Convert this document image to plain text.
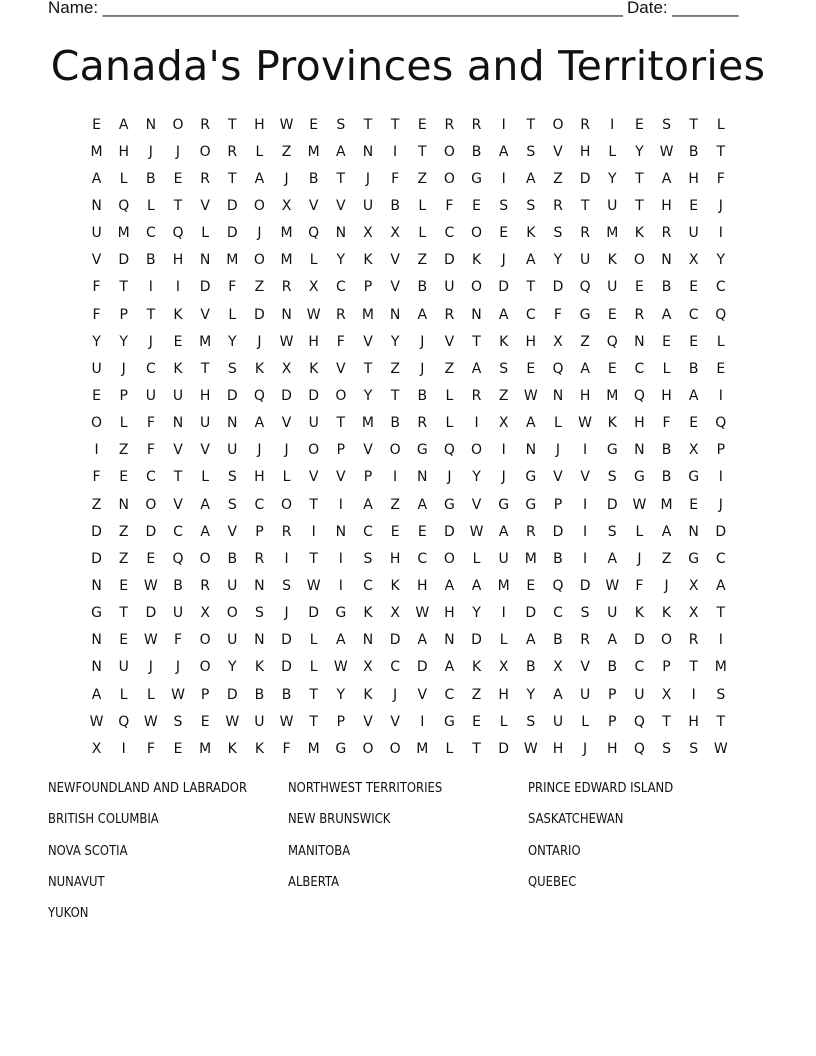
Name: _______________________________________________________ Date: _______
Canada's Provinces and Territories
E	A	N	O	R	T	H	W	E	S	T	T	E	R	R	I	T	O	R	I	E	S	T	L
M	H	J	J	O	R	L	Z	M	A	N	I	T	O	B	A	S	V	H	L	Y	W	B	T
A	L	B	E	R	T	A	J	B	T	J	F	Z	O	G	I	A	Z	D	Y	T	A	H	F
N	Q	L	T	V	D	O	X	V	V	U	B	L	F	E	S	S	R	T	U	T	H	E	J
U	M	C	Q	L	D	J	M	Q	N	X	X	L	C	O	E	K	S	R	M	K	R	U	I
V	D	B	H	N	M	O	M	L	Y	K	V	Z	D	K	J	A	Y	U	K	O	N	X	Y
F	T	I	I	D	F	Z	R	X	C	P	V	B	U	O	D	T	D	Q	U	E	B	E	C
F	P	T	K	V	L	D	N	W	R	M	N	A	R	N	A	C	F	G	E	R	A	C	Q
Y	Y	J	E	M	Y	J	W	H	F	V	Y	J	V	T	K	H	X	Z	Q	N	E	E	L
U	J	C	K	T	S	K	X	K	V	T	Z	J	Z	A	S	E	Q	A	E	C	L	B	E
E	P	U	U	H	D	Q	D	D	O	Y	T	B	L	R	Z	W	N	H	M	Q	H	A	I
O	L	F	N	U	N	A	V	U	T	M	B	R	L	I	X	A	L	W	K	H	F	E	Q
I	Z	F	V	V	U	J	J	O	P	V	O	G	Q	O	I	N	J	I	G	N	B	X	P
F	E	C	T	L	S	H	L	V	V	P	I	N	J	Y	J	G	V	V	S	G	B	G	I
Z	N	O	V	A	S	C	O	T	I	A	Z	A	G	V	G	G	P	I	D	W	M	E	J
D	Z	D	C	A	V	P	R	I	N	C	E	E	D	W	A	R	D	I	S	L	A	N	D
D	Z	E	Q	O	B	R	I	T	I	S	H	C	O	L	U	M	B	I	A	J	Z	G	C
N	E	W	B	R	U	N	S	W	I	C	K	H	A	A	M	E	Q	D	W	F	J	X	A
G	T	D	U	X	O	S	J	D	G	K	X	W	H	Y	I	D	C	S	U	K	K	X	T
N	E	W	F	O	U	N	D	L	A	N	D	A	N	D	L	A	B	R	A	D	O	R	I
N	U	J	J	O	Y	K	D	L	W	X	C	D	A	K	X	B	X	V	B	C	P	T	M
A	L	L	W	P	D	B	B	T	Y	K	J	V	C	Z	H	Y	A	U	P	U	X	I	S
W	Q	W	S	E	W	U	W	T	P	V	V	I	G	E	L	S	U	L	P	Q	T	H	T
X	I	F	E	M	K	K	F	M	G	O	O	M	L	T	D	W	H	J	H	Q	S	S	W
NEWFOUNDLAND AND LABRADOR	NORTHWEST TERRITORIES	PRINCE EDWARD ISLAND
BRITISH COLUMBIA	NEW BRUNSWICK	SASKATCHEWAN
NOVA SCOTIA	MANITOBA	ONTARIO
NUNAVUT	ALBERTA	QUEBEC
YUKON
